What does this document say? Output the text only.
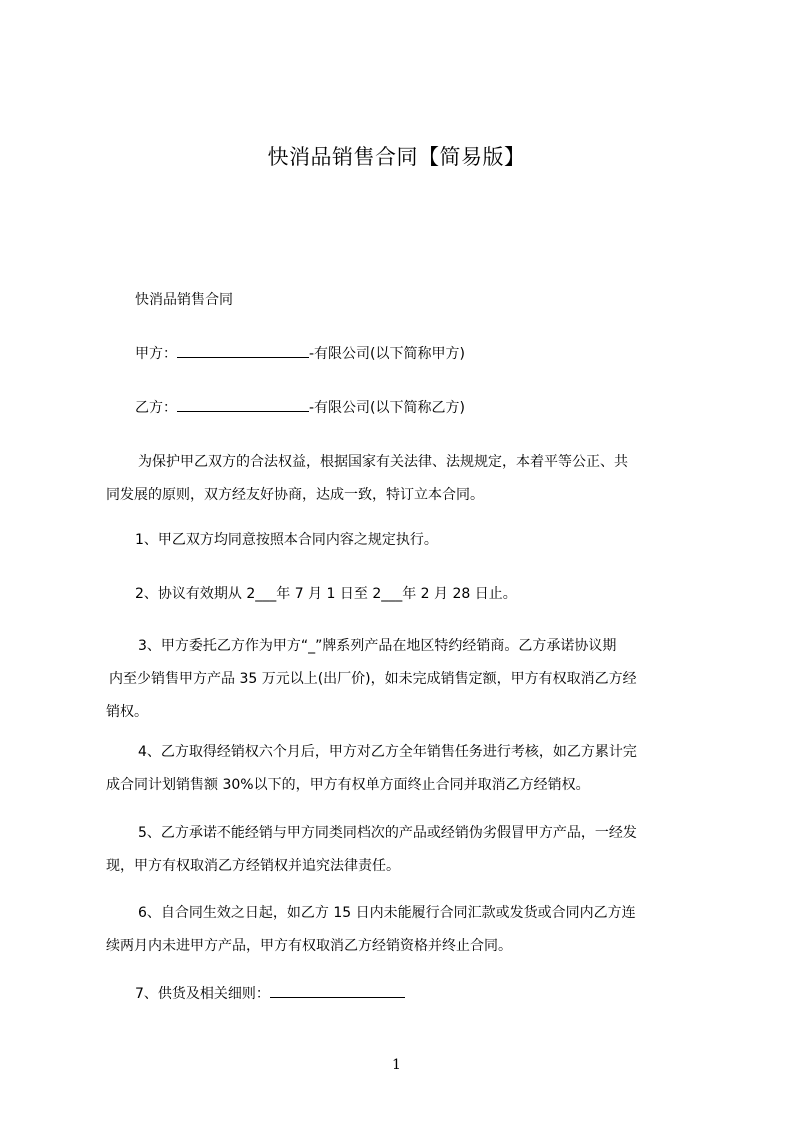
快消品销售合同【简易版】
快消品销售合同
甲方：	-有限公司(以下简称甲方)
乙方：	-有限公司(以下简称乙方)
为保护甲乙双方的合法权益，根据国家有关法律、法规规定，本着平等公正、共
同发展的原则，双方经友好协商，达成一致，特订立本合同。
1、甲乙双方均同意按照本合同内容之规定执行。
2、协议有效期从 2___年 7 月 1 日至 2___年 2 月 28 日止。
3、甲方委托乙方作为甲方“_”牌系列产品在地区特约经销商。乙方承诺协议期
内至少销售甲方产品 35 万元以上(出厂价)，如未完成销售定额，甲方有权取消乙方经
销权。
4、乙方取得经销权六个月后，甲方对乙方全年销售任务进行考核，如乙方累计完
成合同计划销售额 30%以下的，甲方有权单方面终止合同并取消乙方经销权。
5、乙方承诺不能经销与甲方同类同档次的产品或经销伪劣假冒甲方产品，一经发
现，甲方有权取消乙方经销权并追究法律责任。
6、自合同生效之日起，如乙方 15 日内未能履行合同汇款或发货或合同内乙方连
续两月内未进甲方产品，甲方有权取消乙方经销资格并终止合同。
7、供货及相关细则：
1
